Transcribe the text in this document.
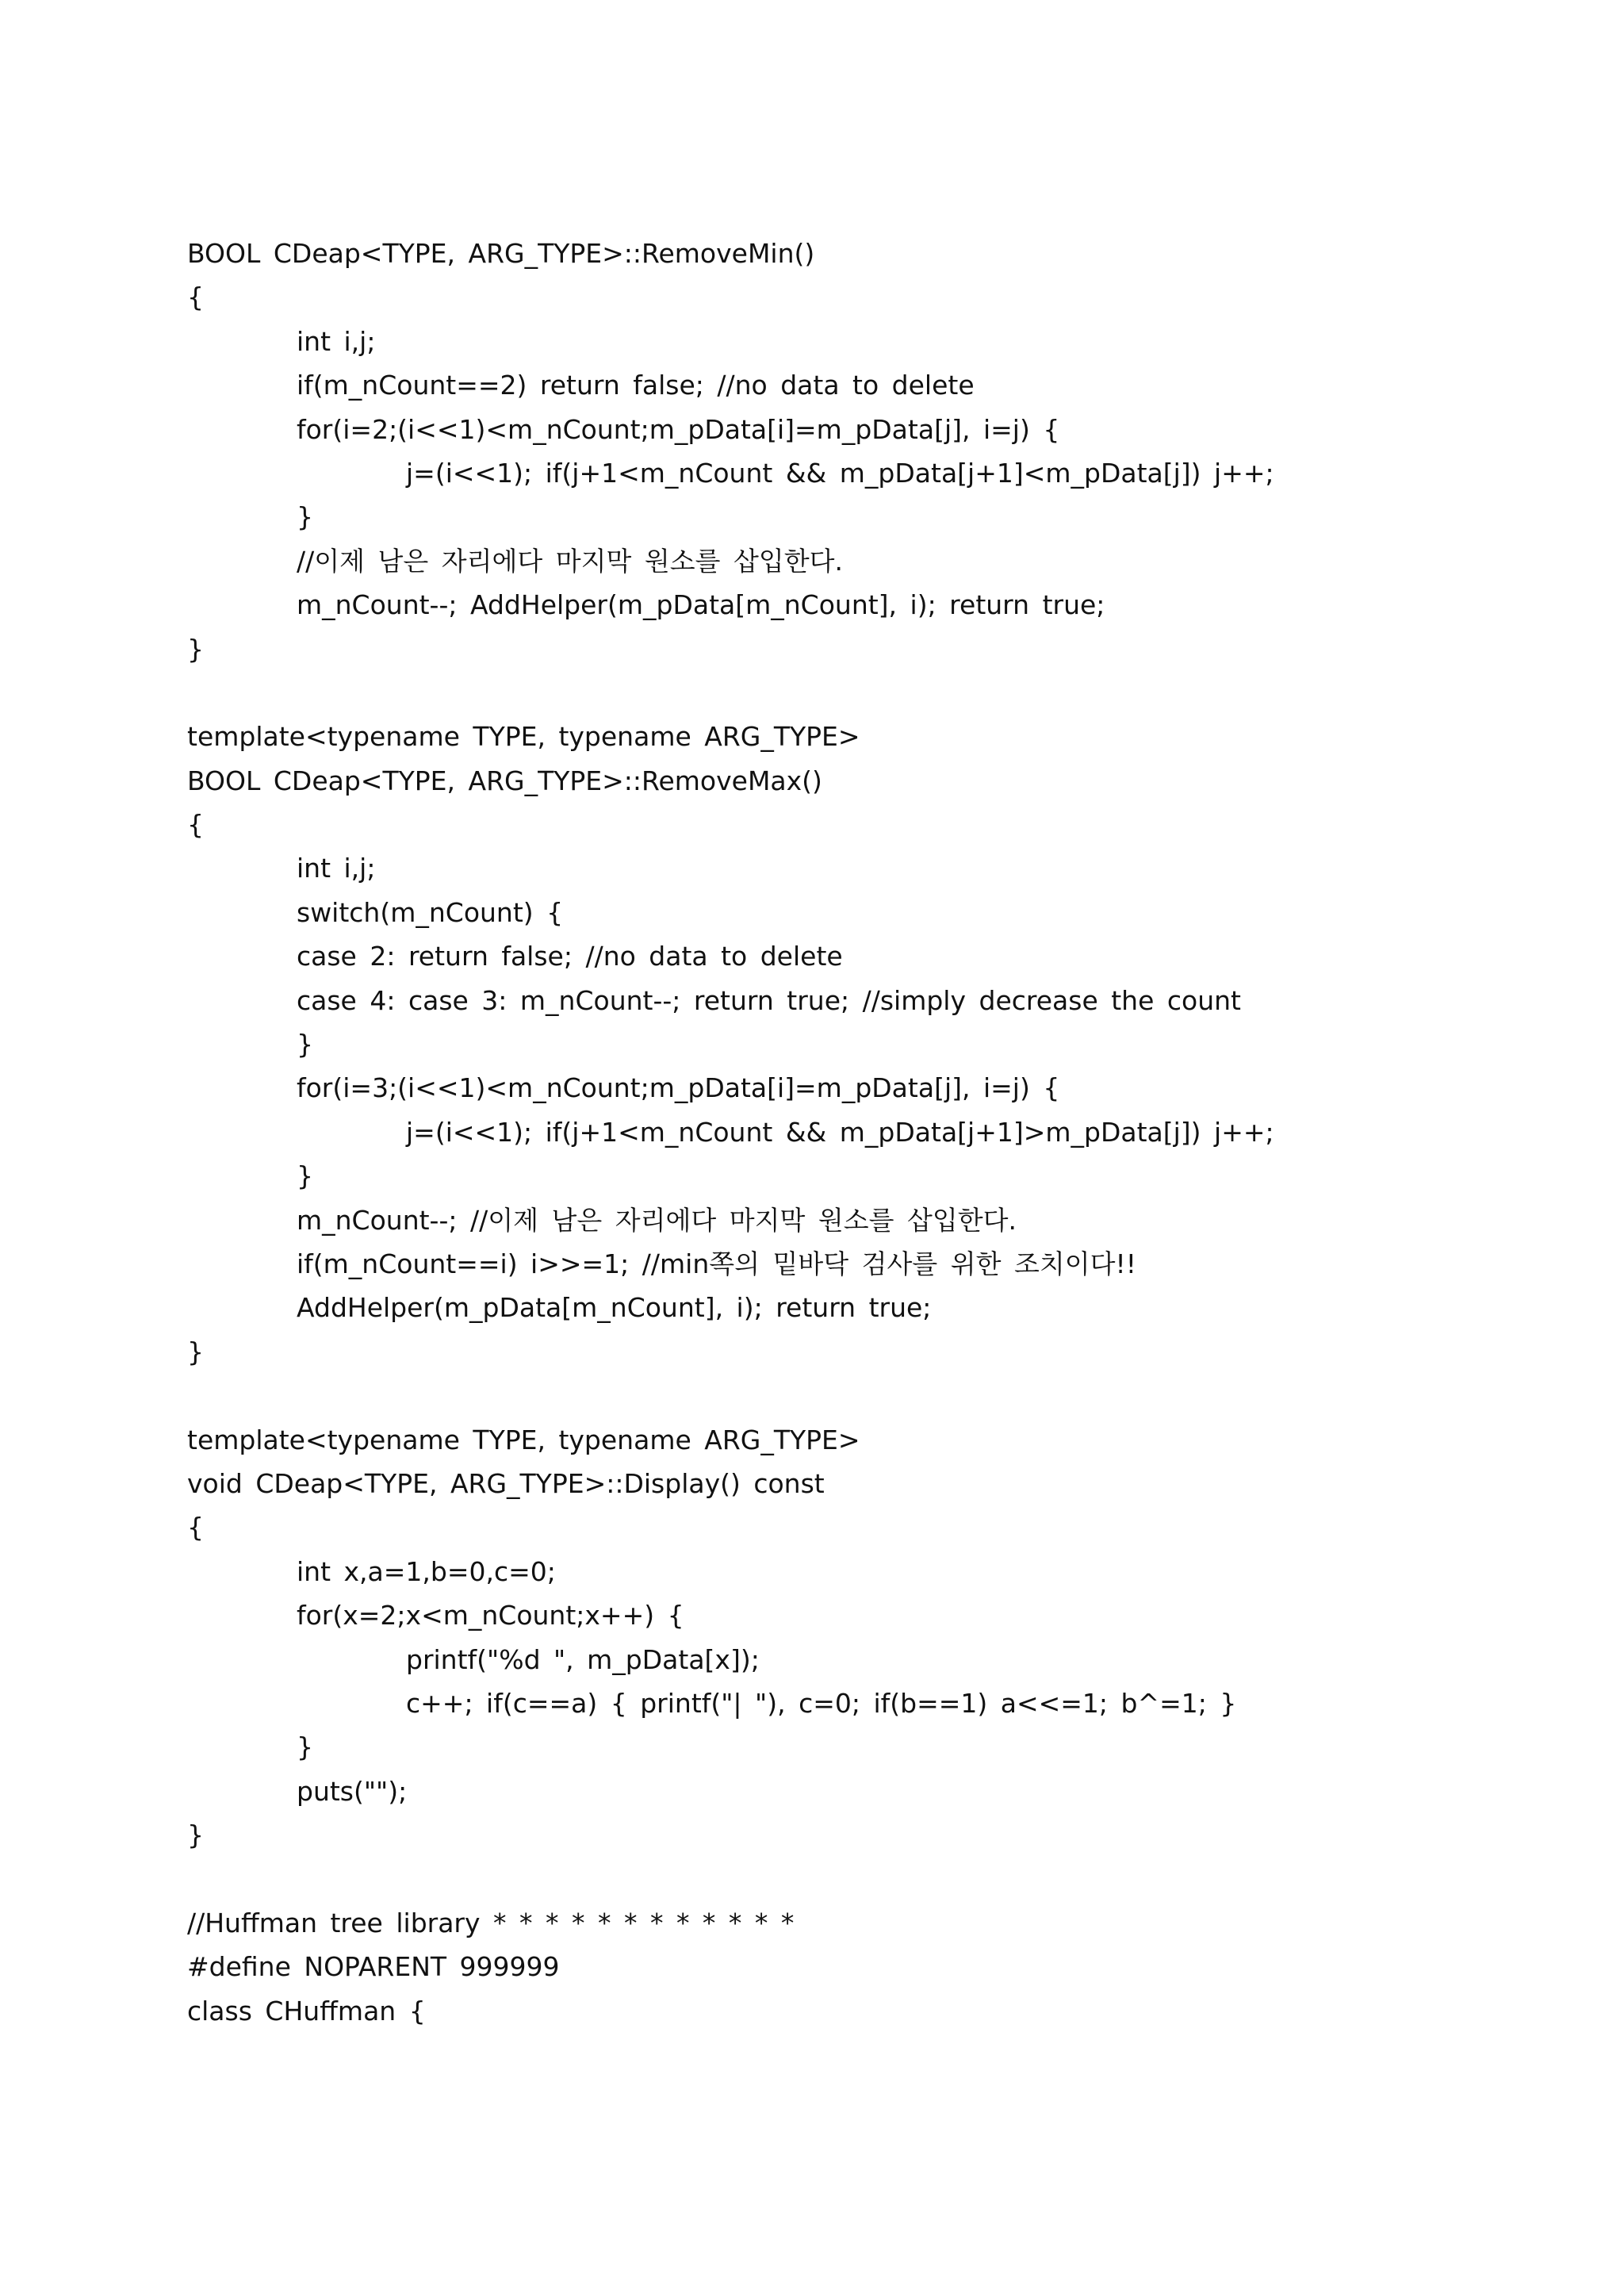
BOOL CDeap<TYPE, ARG_TYPE>::RemoveMin()
{
int i,j;
if(m_nCount==2) return false; //no data to delete
for(i=2;(i<<1)<m_nCount;m_pData[i]=m_pData[j], i=j) {
j=(i<<1); if(j+1<m_nCount && m_pData[j+1]<m_pData[j]) j++;
}
//이제 남은 자리에다 마지막 원소를 삽입한다.
m_nCount--; AddHelper(m_pData[m_nCount], i); return true;
}
template<typename TYPE, typename ARG_TYPE>
BOOL CDeap<TYPE, ARG_TYPE>::RemoveMax()
{
int i,j;
switch(m_nCount) {
case 2: return false; //no data to delete
case 4: case 3: m_nCount--; return true; //simply decrease the count
}
for(i=3;(i<<1)<m_nCount;m_pData[i]=m_pData[j], i=j) {
j=(i<<1); if(j+1<m_nCount && m_pData[j+1]>m_pData[j]) j++;
}
m_nCount--; //이제 남은 자리에다 마지막 원소를 삽입한다.
if(m_nCount==i) i>>=1; //min쪽의 밑바닥 검사를 위한 조치이다!!
AddHelper(m_pData[m_nCount], i); return true;
}
template<typename TYPE, typename ARG_TYPE>
void CDeap<TYPE, ARG_TYPE>::Display() const
{
int x,a=1,b=0,c=0;
for(x=2;x<m_nCount;x++) {
printf("%d ", m_pData[x]);
c++; if(c==a) { printf("| "), c=0; if(b==1) a<<=1; b^=1; }
}
puts("");
}
//Huffman tree library * * * * * * * * * * * *
#define NOPARENT 999999
class CHuffman {
